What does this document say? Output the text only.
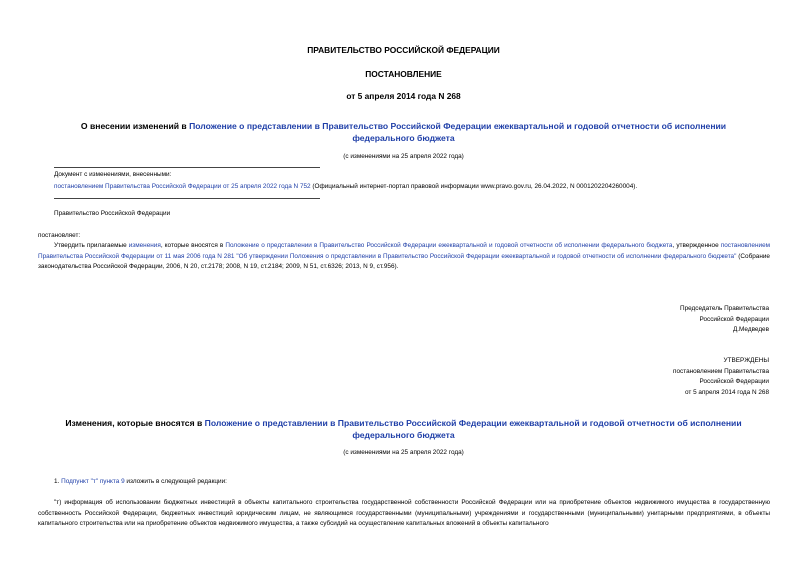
ПРАВИТЕЛЬСТВО РОССИЙСКОЙ ФЕДЕРАЦИИ
ПОСТАНОВЛЕНИЕ
от 5 апреля 2014 года N 268
О внесении изменений в Положение о представлении в Правительство Российской Федерации ежеквартальной и годовой отчетности об исполнении федерального бюджета
(с изменениями на 25 апреля 2022 года)
Документ с изменениями, внесенными:
постановлением Правительства Российской Федерации от 25 апреля 2022 года N 752 (Официальный интернет-портал правовой информации www.pravo.gov.ru, 26.04.2022, N 0001202204260004).
Правительство Российской Федерации
постановляет:
Утвердить прилагаемые изменения, которые вносятся в Положение о представлении в Правительство Российской Федерации ежеквартальной и годовой отчетности об исполнении федерального бюджета, утвержденное постановлением Правительства Российской Федерации от 11 мая 2006 года N 281 "Об утверждении Положения о представлении в Правительство Российской Федерации ежеквартальной и годовой отчетности об исполнении федерального бюджета" (Собрание законодательства Российской Федерации, 2006, N 20, ст.2178; 2008, N 19, ст.2184; 2009, N 51, ст.6326; 2013, N 9, ст.956).
Председатель Правительства
Российской Федерации
Д.Медведев
УТВЕРЖДЕНЫ
постановлением Правительства
Российской Федерации
от 5 апреля 2014 года N 268
Изменения, которые вносятся в Положение о представлении в Правительство Российской Федерации ежеквартальной и годовой отчетности об исполнении федерального бюджета
(с изменениями на 25 апреля 2022 года)
1. Подпункт "т" пункта 9 изложить в следующей редакции:
"т) информация об использовании бюджетных инвестиций в объекты капитального строительства государственной собственности Российской Федерации или на приобретение объектов недвижимого имущества в государственную собственность Российской Федерации, бюджетных инвестиций юридическим лицам, не являющимся государственными (муниципальными) учреждениями и государственными (муниципальными) унитарными предприятиями, в объекты капитального строительства или на приобретение объектов недвижимого имущества, а также субсидий на осуществление капитальных вложений в объекты капитального
